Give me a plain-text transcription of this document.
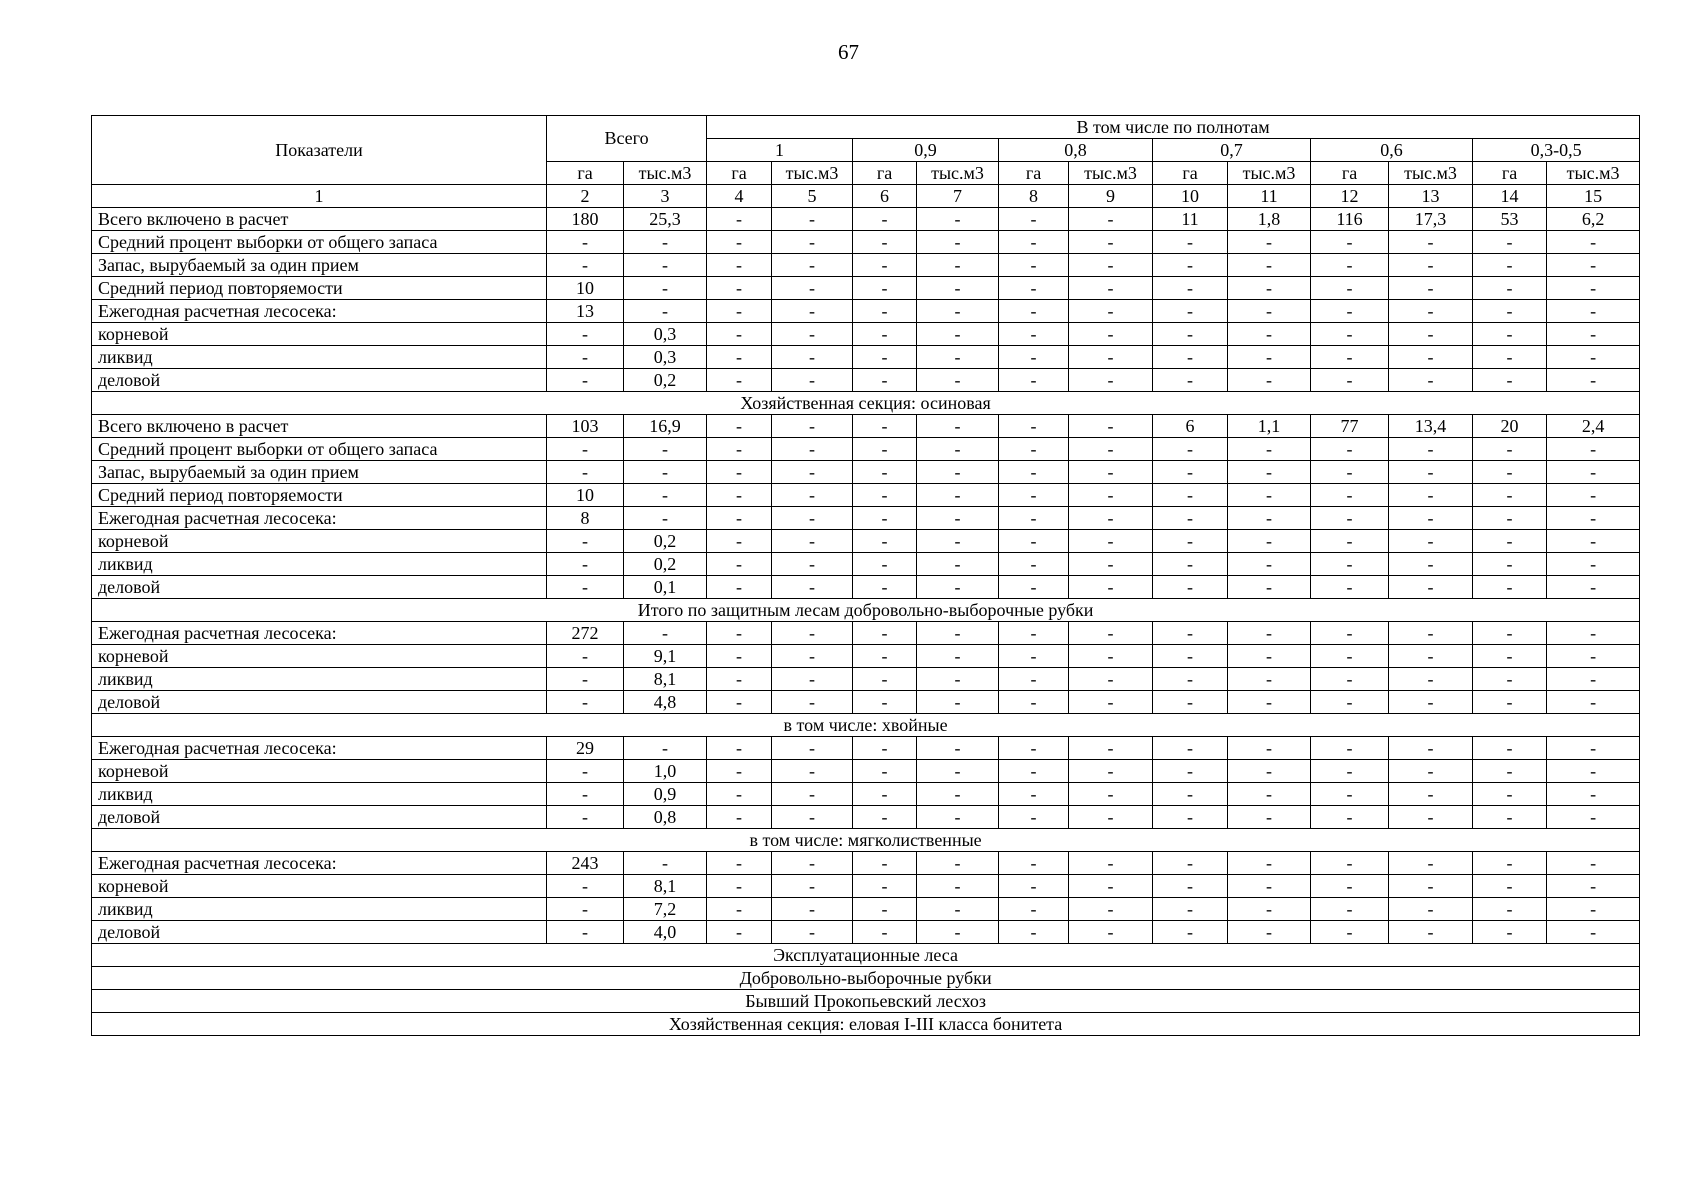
67
Показатели	Всего		В том числе по полнотам											
			1		0,9		0,8		0,7		0,6		0,3-0,5	
	га	тыс.м3	га	тыс.м3	га	тыс.м3	га	тыс.м3	га	тыс.м3	га	тыс.м3	га	тыс.м3
1	2	3	4	5	6	7	8	9	10	11	12	13	14	15
Всего включено в расчет	180	25,3	-	-	-	-	-	-	11	1,8	116	17,3	53	6,2
Средний процент выборки от общего запаса	-	-	-	-	-	-	-	-	-	-	-	-	-	-
Запас, вырубаемый за один прием	-	-	-	-	-	-	-	-	-	-	-	-	-	-
Средний период повторяемости	10	-	-	-	-	-	-	-	-	-	-	-	-	-
Ежегодная расчетная лесосека:	13	-	-	-	-	-	-	-	-	-	-	-	-	-
корневой	-	0,3	-	-	-	-	-	-	-	-	-	-	-	-
ликвид	-	0,3	-	-	-	-	-	-	-	-	-	-	-	-
деловой	-	0,2	-	-	-	-	-	-	-	-	-	-	-	-
Хозяйственная секция: осиновая														
Всего включено в расчет	103	16,9	-	-	-	-	-	-	6	1,1	77	13,4	20	2,4
Средний процент выборки от общего запаса	-	-	-	-	-	-	-	-	-	-	-	-	-	-
Запас, вырубаемый за один прием	-	-	-	-	-	-	-	-	-	-	-	-	-	-
Средний период повторяемости	10	-	-	-	-	-	-	-	-	-	-	-	-	-
Ежегодная расчетная лесосека:	8	-	-	-	-	-	-	-	-	-	-	-	-	-
корневой	-	0,2	-	-	-	-	-	-	-	-	-	-	-	-
ликвид	-	0,2	-	-	-	-	-	-	-	-	-	-	-	-
деловой	-	0,1	-	-	-	-	-	-	-	-	-	-	-	-
Итого по защитным лесам добровольно-выборочные рубки														
Ежегодная расчетная лесосека:	272	-	-	-	-	-	-	-	-	-	-	-	-	-
корневой	-	9,1	-	-	-	-	-	-	-	-	-	-	-	-
ликвид	-	8,1	-	-	-	-	-	-	-	-	-	-	-	-
деловой	-	4,8	-	-	-	-	-	-	-	-	-	-	-	-
в том числе: хвойные														
Ежегодная расчетная лесосека:	29	-	-	-	-	-	-	-	-	-	-	-	-	-
корневой	-	1,0	-	-	-	-	-	-	-	-	-	-	-	-
ликвид	-	0,9	-	-	-	-	-	-	-	-	-	-	-	-
деловой	-	0,8	-	-	-	-	-	-	-	-	-	-	-	-
в том числе: мягколиственные														
Ежегодная расчетная лесосека:	243	-	-	-	-	-	-	-	-	-	-	-	-	-
корневой	-	8,1	-	-	-	-	-	-	-	-	-	-	-	-
ликвид	-	7,2	-	-	-	-	-	-	-	-	-	-	-	-
деловой	-	4,0	-	-	-	-	-	-	-	-	-	-	-	-
Эксплуатационные леса														
Добровольно-выборочные рубки														
Бывший Прокопьевский лесхоз														
Хозяйственная секция: еловая I-III класса бонитета														
